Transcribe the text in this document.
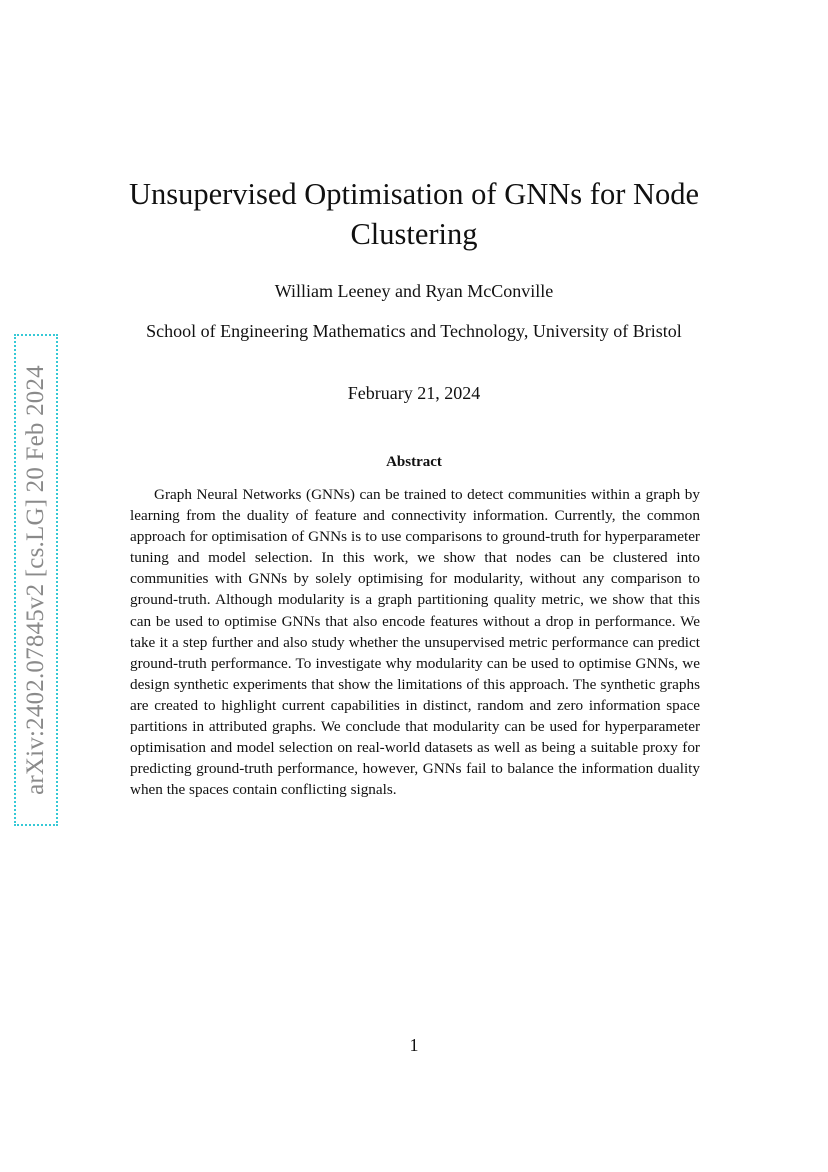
arXiv:2402.07845v2 [cs.LG] 20 Feb 2024
Unsupervised Optimisation of GNNs for Node Clustering
William Leeney and Ryan McConville
School of Engineering Mathematics and Technology, University of Bristol
February 21, 2024
Abstract

Graph Neural Networks (GNNs) can be trained to detect communities within a graph by learning from the duality of feature and connectivity information. Currently, the common approach for optimisation of GNNs is to use comparisons to ground-truth for hyperparameter tuning and model selection. In this work, we show that nodes can be clustered into communities with GNNs by solely optimising for modularity, without any comparison to ground-truth. Although modularity is a graph partitioning quality metric, we show that this can be used to optimise GNNs that also encode features without a drop in performance. We take it a step further and also study whether the unsupervised metric performance can predict ground-truth performance. To investigate why modularity can be used to optimise GNNs, we design synthetic experiments that show the limitations of this approach. The synthetic graphs are created to highlight current capabilities in distinct, random and zero information space partitions in attributed graphs. We conclude that modularity can be used for hyperparameter optimisation and model selection on real-world datasets as well as being a suitable proxy for predicting ground-truth performance, however, GNNs fail to balance the information duality when the spaces contain conflicting signals.

1
